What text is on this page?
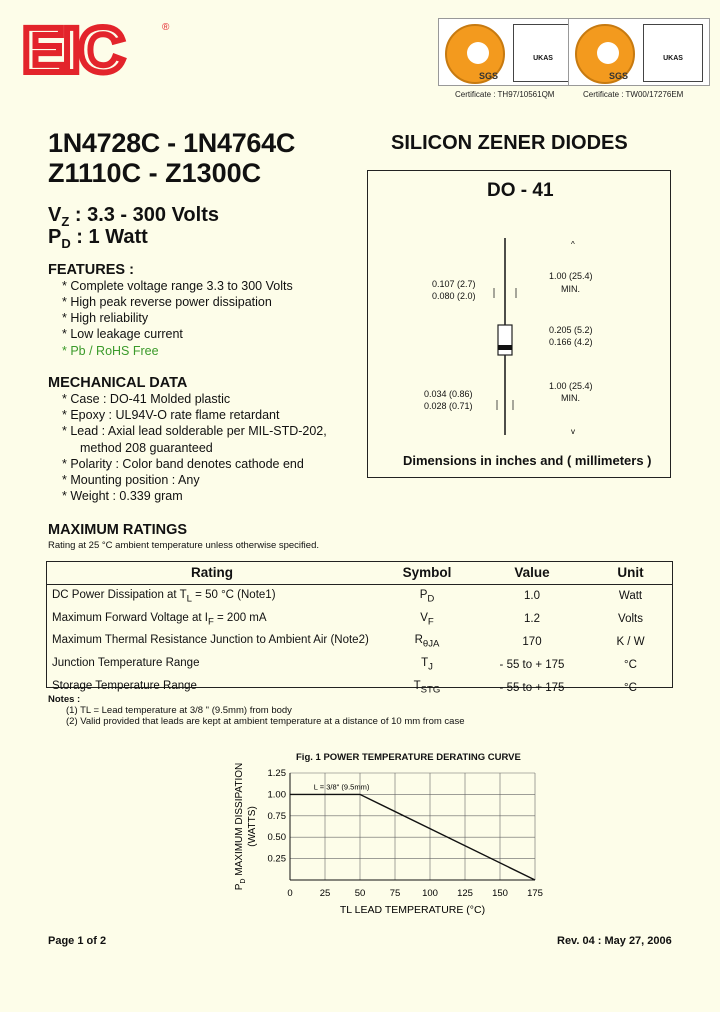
EIC	®
SGS
UKAS
SGS
UKAS
Certificate : TH97/10561QM	Certificate : TW00/17276EM
1N4728C - 1N4764C
Z1110C - Z1300C
$V_Z$ : 3.3 - 300 Volts
$P_D$ : 1 Watt
SILICON ZENER DIODES
DO - 41
^
v
1.00 (25.4)
MIN.
0.107 (2.7)
0.080 (2.0)
0.205 (5.2)
0.166 (4.2)
0.034 (0.86)
0.028 (0.71)
1.00 (25.4)
MIN.
Dimensions in inches and ( millimeters )
FEATURES :
* Complete voltage range 3.3 to 300 Volts
* High peak reverse power dissipation
* High reliability
* Low leakage current
* Pb / RoHS Free
MECHANICAL DATA
* Case : DO-41 Molded plastic
* Epoxy : UL94V-O rate flame retardant
* Lead : Axial lead solderable per MIL-STD-202,
method 208 guaranteed
* Polarity : Color band denotes cathode end
* Mounting position : Any
* Weight : 0.339 gram
MAXIMUM RATINGS
Rating at 25 °C ambient temperature unless otherwise specified.
Rating	Symbol	Value	Unit
DC Power Dissipation at $T_L = 50$ °C (Note1)	$P_D$	1.0	Watt
Maximum Forward Voltage at $I_F = 200$ mA	$V_F$	1.2	Volts
Maximum Thermal Resistance Junction to Ambient Air (Note2)	$R_{\theta JA}$	170	K / W
Junction Temperature Range	$T_J$	- 55 to + 175	°C
Storage Temperature Range	$T_{STG}$	- 55 to + 175	°C
Notes :
(1) TL = Lead temperature at 3/8 " (9.5mm) from body
(2) Valid provided that leads are kept at ambient temperature at a distance of 10 mm from case
Fig. 1 POWER TEMPERATURE DERATING CURVE
0.25
0.50
0.75
1.00
1.25
0	25	50	75 100 125 150 175
L = 3/8" (9.5mm)
TL LEAD TEMPERATURE (°C)
$P_D$ MAXIMUM DISSIPATION (WATTS)
Page 1 of 2	Rev. 04 : May 27, 2006
